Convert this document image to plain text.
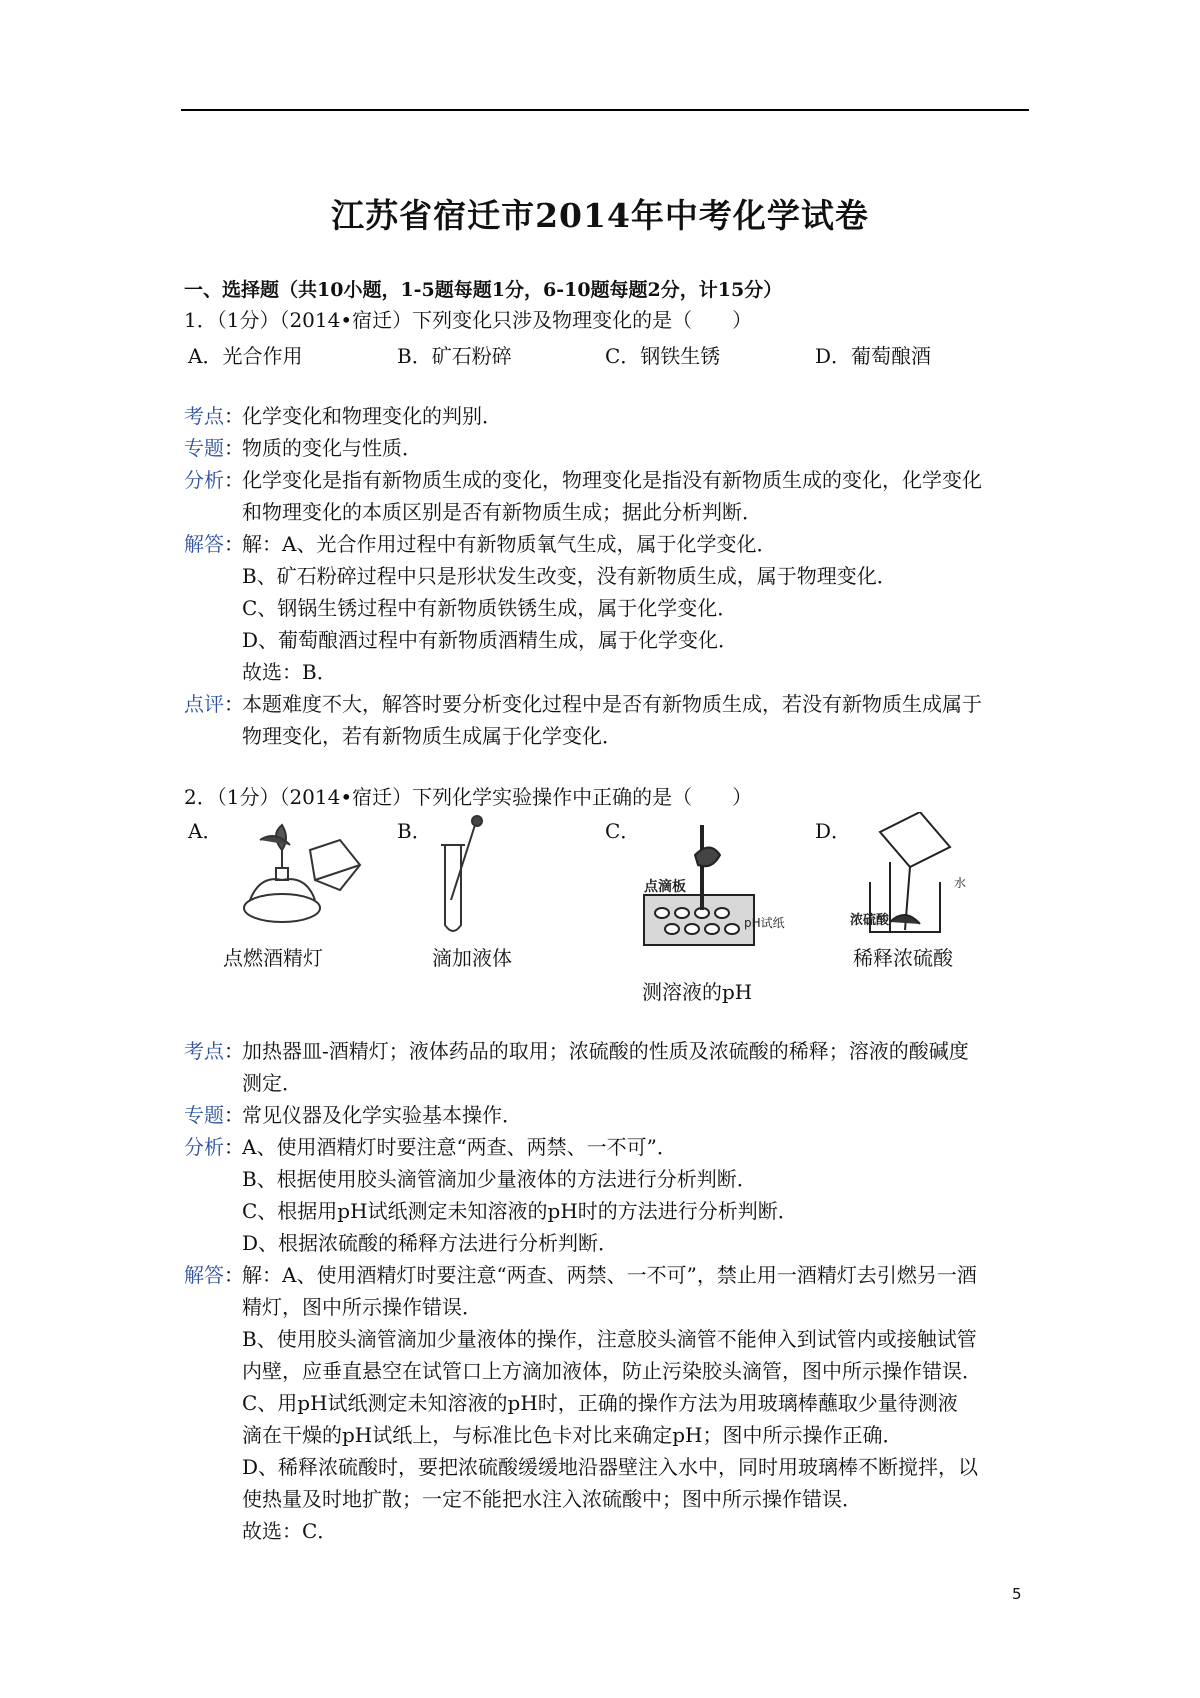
江苏省宿迁市2014年中考化学试卷
一、选择题（共10小题，1-5题每题1分，6-10题每题2分，计15分）
1．（1分）（2014•宿迁）下列变化只涉及物理变化的是（　　）
A．光合作用	B．矿石粉碎	C．钢铁生锈	D．葡萄酿酒
考点：
化学变化和物理变化的判别．
专题：
物质的变化与性质．
分析：
化学变化是指有新物质生成的变化，物理变化是指没有新物质生成的变化，化学变化
和物理变化的本质区别是否有新物质生成；据此分析判断．
解答：
解：A、光合作用过程中有新物质氧气生成，属于化学变化．
B、矿石粉碎过程中只是形状发生改变，没有新物质生成，属于物理变化．
C、钢锅生锈过程中有新物质铁锈生成，属于化学变化．
D、葡萄酿酒过程中有新物质酒精生成，属于化学变化．
故选：B．
点评：
本题难度不大，解答时要分析变化过程中是否有新物质生成，若没有新物质生成属于
物理变化，若有新物质生成属于化学变化．
2．（1分）（2014•宿迁）下列化学实验操作中正确的是（　　）
A．	B．	C．	D．
点滴板
pH试纸
水
浓硫酸
点燃酒精灯	滴加液体
测溶液的pH
稀释浓硫酸
考点：
加热器皿-酒精灯；液体药品的取用；浓硫酸的性质及浓硫酸的稀释；溶液的酸碱度
测定．
专题：
常见仪器及化学实验基本操作．
分析：
A、使用酒精灯时要注意“两查、两禁、一不可”．
B、根据使用胶头滴管滴加少量液体的方法进行分析判断．
C、根据用pH试纸测定未知溶液的pH时的方法进行分析判断．
D、根据浓硫酸的稀释方法进行分析判断．
解答：
解：A、使用酒精灯时要注意“两查、两禁、一不可”，禁止用一酒精灯去引燃另一酒
精灯，图中所示操作错误．
B、使用胶头滴管滴加少量液体的操作，注意胶头滴管不能伸入到试管内或接触试管
内壁，应垂直悬空在试管口上方滴加液体，防止污染胶头滴管，图中所示操作错误．
C、用pH试纸测定未知溶液的pH时，正确的操作方法为用玻璃棒蘸取少量待测液
滴在干燥的pH试纸上，与标准比色卡对比来确定pH；图中所示操作正确．
D、稀释浓硫酸时，要把浓硫酸缓缓地沿器壁注入水中，同时用玻璃棒不断搅拌，以
使热量及时地扩散；一定不能把水注入浓硫酸中；图中所示操作错误．
故选：C．
5
